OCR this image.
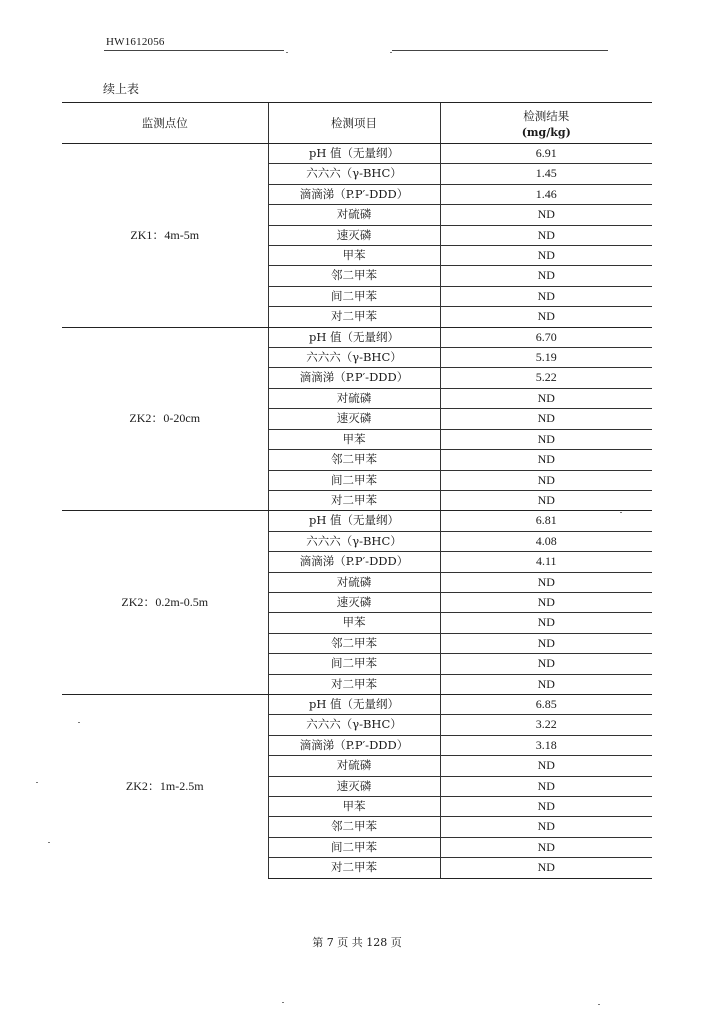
HW1612056
续上表
监测点位	检测项目	检测结果
(mg/kg)

ZK1：4m-5m	pH 值（无量纲）	6.91
	六六六（γ-BHC）	1.45
	滴滴涕（P.P′-DDD）	1.46
	对硫磷	ND
	速灭磷	ND
	甲苯	ND
	邻二甲苯	ND
	间二甲苯	ND
	对二甲苯	ND
ZK2：0-20cm	pH 值（无量纲）	6.70
	六六六（γ-BHC）	5.19
	滴滴涕（P.P′-DDD）	5.22
	对硫磷	ND
	速灭磷	ND
	甲苯	ND
	邻二甲苯	ND
	间二甲苯	ND
	对二甲苯	ND
ZK2：0.2m-0.5m	pH 值（无量纲）	6.81
	六六六（γ-BHC）	4.08
	滴滴涕（P.P′-DDD）	4.11
	对硫磷	ND
	速灭磷	ND
	甲苯	ND
	邻二甲苯	ND
	间二甲苯	ND
	对二甲苯	ND
ZK2：1m-2.5m	pH 值（无量纲）	6.85
	六六六（γ-BHC）	3.22
	滴滴涕（P.P′-DDD）	3.18
	对硫磷	ND
	速灭磷	ND
	甲苯	ND
	邻二甲苯	ND
	间二甲苯	ND
	对二甲苯	ND
第 7 页 共 128 页
